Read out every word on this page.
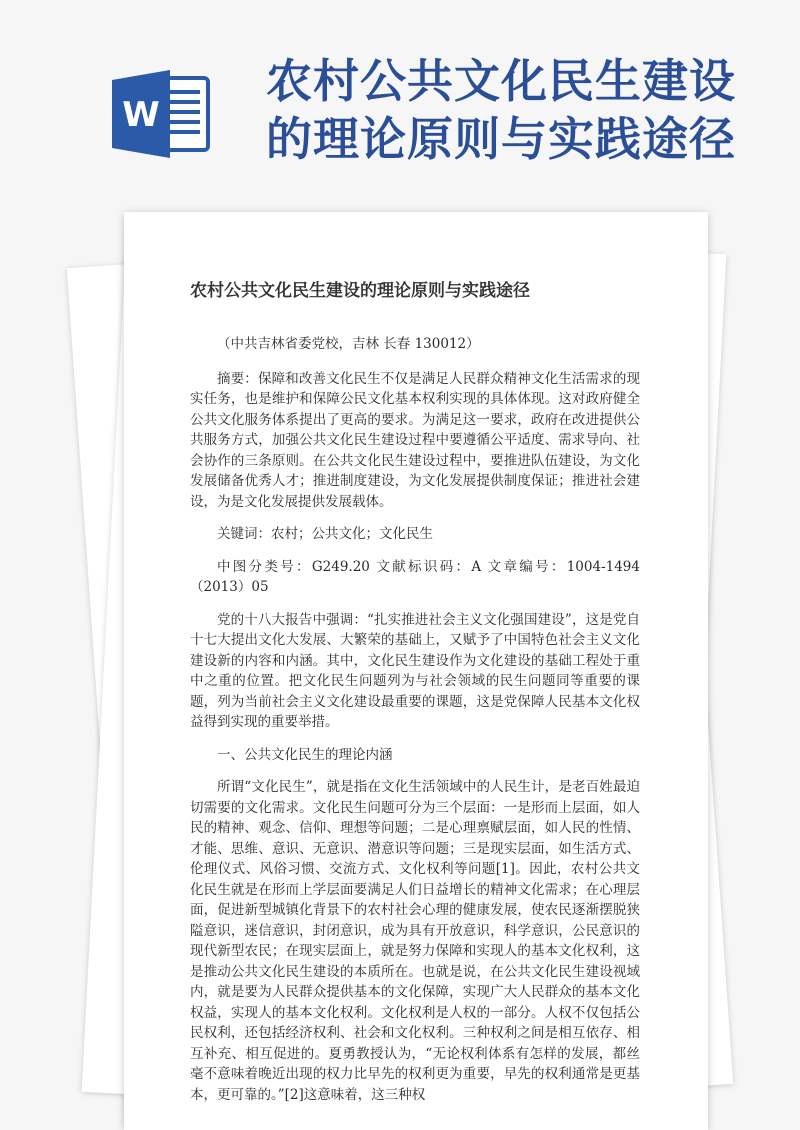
W
农村公共文化民生建设
的理论原则与实践途径
农村公共文化民生建设的理论原则与实践途径

（中共吉林省委党校，吉林 长春 130012）

摘要：保障和改善文化民生不仅是满足人民群众精神文化生活需求的现实任务，也是维护和保障公民文化基本权利实现的具体体现。这对政府健全公共文化服务体系提出了更高的要求。为满足这一要求，政府在改进提供公共服务方式，加强公共文化民生建设过程中要遵循公平适度、需求导向、社会协作的三条原则。在公共文化民生建设过程中，要推进队伍建设，为文化发展储备优秀人才；推进制度建设，为文化发展提供制度保证；推进社会建设，为是文化发展提供发展载体。

关键词：农村；公共文化；文化民生

中图分类号：G249.20 文献标识码：A 文章编号：1004-1494（2013）05

党的十八大报告中强调：“扎实推进社会主义文化强国建设”，这是党自十七大提出文化大发展、大繁荣的基础上，又赋予了中国特色社会主义文化建设新的内容和内涵。其中，文化民生建设作为文化建设的基础工程处于重中之重的位置。把文化民生问题列为与社会领域的民生问题同等重要的课题，列为当前社会主义文化建设最重要的课题，这是党保障人民基本文化权益得到实现的重要举措。

一、公共文化民生的理论内涵

所谓“文化民生”，就是指在文化生活领域中的人民生计，是老百姓最迫切需要的文化需求。文化民生问题可分为三个层面：一是形而上层面，如人民的精神、观念、信仰、理想等问题；二是心理禀赋层面，如人民的性情、才能、思维、意识、无意识、潜意识等问题；三是现实层面，如生活方式、伦理仪式、风俗习惯、交流方式、文化权利等问题[1]。因此，农村公共文化民生就是在形而上学层面要满足人们日益增长的精神文化需求；在心理层面，促进新型城镇化背景下的农村社会心理的健康发展，使农民逐渐摆脱狭隘意识，迷信意识，封闭意识，成为具有开放意识，科学意识，公民意识的现代新型农民；在现实层面上，就是努力保障和实现人的基本文化权利，这是推动公共文化民生建设的本质所在。也就是说，在公共文化民生建设视域内，就是要为人民群众提供基本的文化保障，实现广大人民群众的基本文化权益，实现人的基本文化权利。文化权利是人权的一部分。人权不仅包括公民权利，还包括经济权利、社会和文化权利。三种权利之间是相互依存、相互补充、相互促进的。夏勇教授认为，“无论权利体系有怎样的发展，都丝毫不意味着晚近出现的权力比早先的权利更为重要，早先的权利通常是更基本，更可靠的。”[2]这意味着，这三种权
